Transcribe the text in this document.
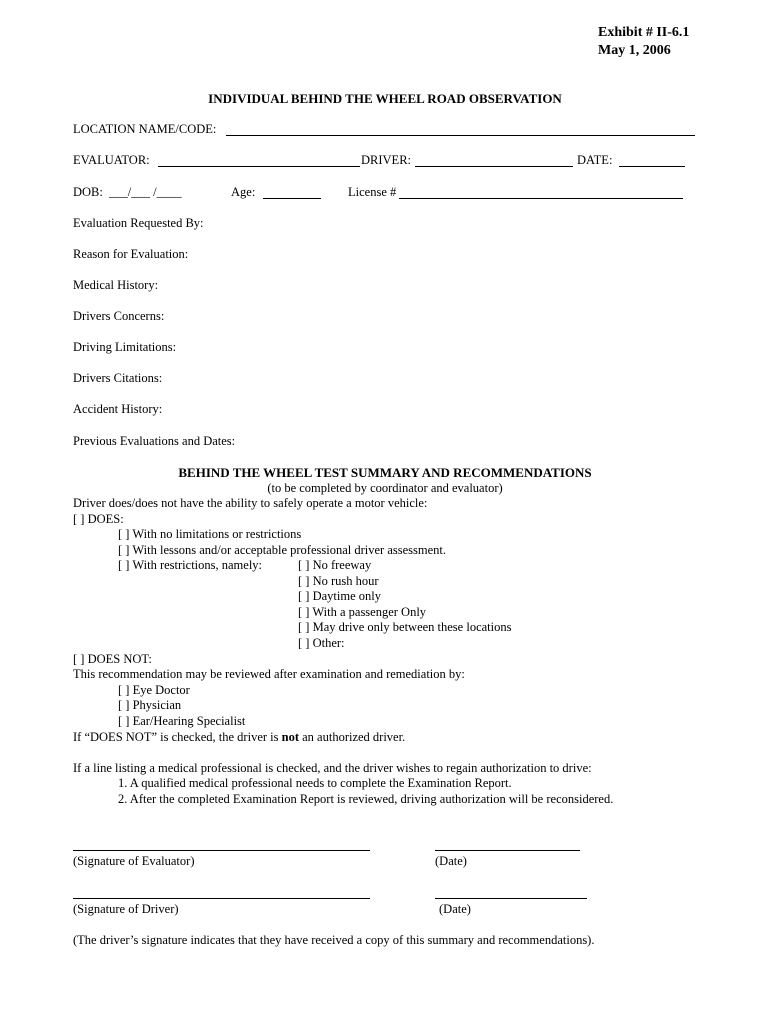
Exhibit # II-6.1
May 1, 2006
INDIVIDUAL BEHIND THE WHEEL ROAD OBSERVATION
LOCATION NAME/CODE:
EVALUATOR:	DRIVER:	DATE:
DOB: ___/___ /____	Age:	License #
Evaluation Requested By:
Reason for Evaluation:
Medical History:
Drivers Concerns:
Driving Limitations:
Drivers Citations:
Accident History:
Previous Evaluations and Dates:
BEHIND THE WHEEL TEST SUMMARY AND RECOMMENDATIONS
(to be completed by coordinator and evaluator)
Driver does/does not have the ability to safely operate a motor vehicle:
[ ] DOES:
[ ] With no limitations or restrictions
[ ] With lessons and/or acceptable professional driver assessment.
[ ] With restrictions, namely:	[ ] No freeway
[ ] No rush hour
[ ] Daytime only
[ ] With a passenger Only
[ ] May drive only between these locations
[ ] Other:
[ ] DOES NOT:
This recommendation may be reviewed after examination and remediation by:
[ ] Eye Doctor
[ ] Physician
[ ] Ear/Hearing Specialist
If “DOES NOT” is checked, the driver is not an authorized driver.
If a line listing a medical professional is checked, and the driver wishes to regain authorization to drive:
1. A qualified medical professional needs to complete the Examination Report.
2. After the completed Examination Report is reviewed, driving authorization will be reconsidered.
(Signature of Evaluator)	(Date)
(Signature of Driver)	(Date)
(The driver’s signature indicates that they have received a copy of this summary and recommendations).
